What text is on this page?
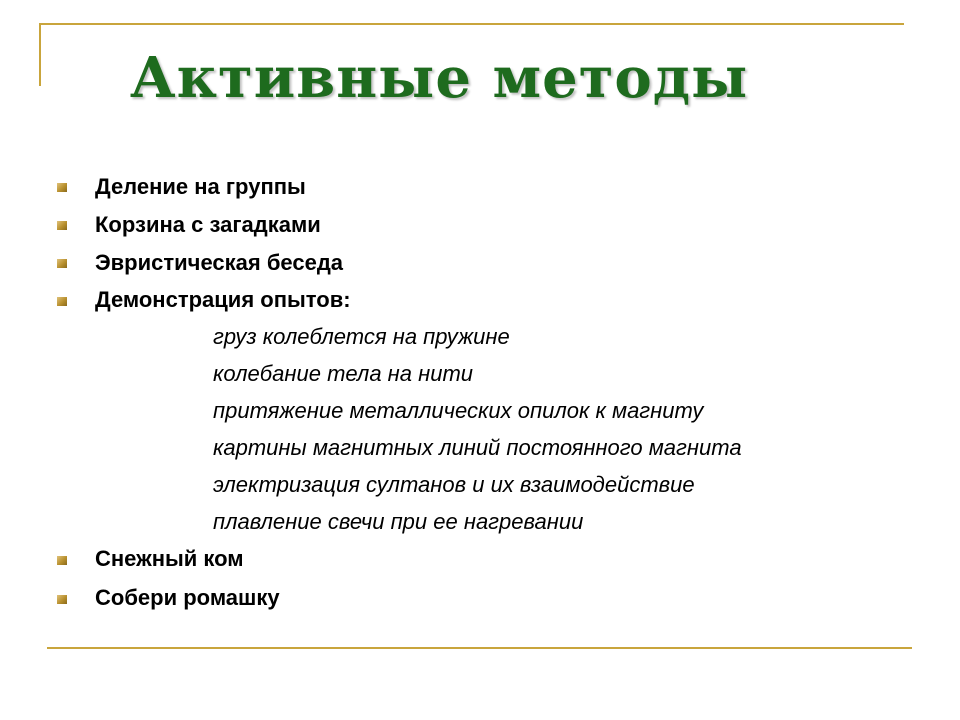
Активные методы
Деление на группы
Корзина с загадками
Эвристическая беседа
Демонстрация опытов:
груз колеблется на пружине
колебание тела на нити
притяжение металлических опилок к магниту
картины магнитных линий постоянного магнита
электризация султанов и их взаимодействие
плавление свечи при ее нагревании
Снежный ком
Собери ромашку
